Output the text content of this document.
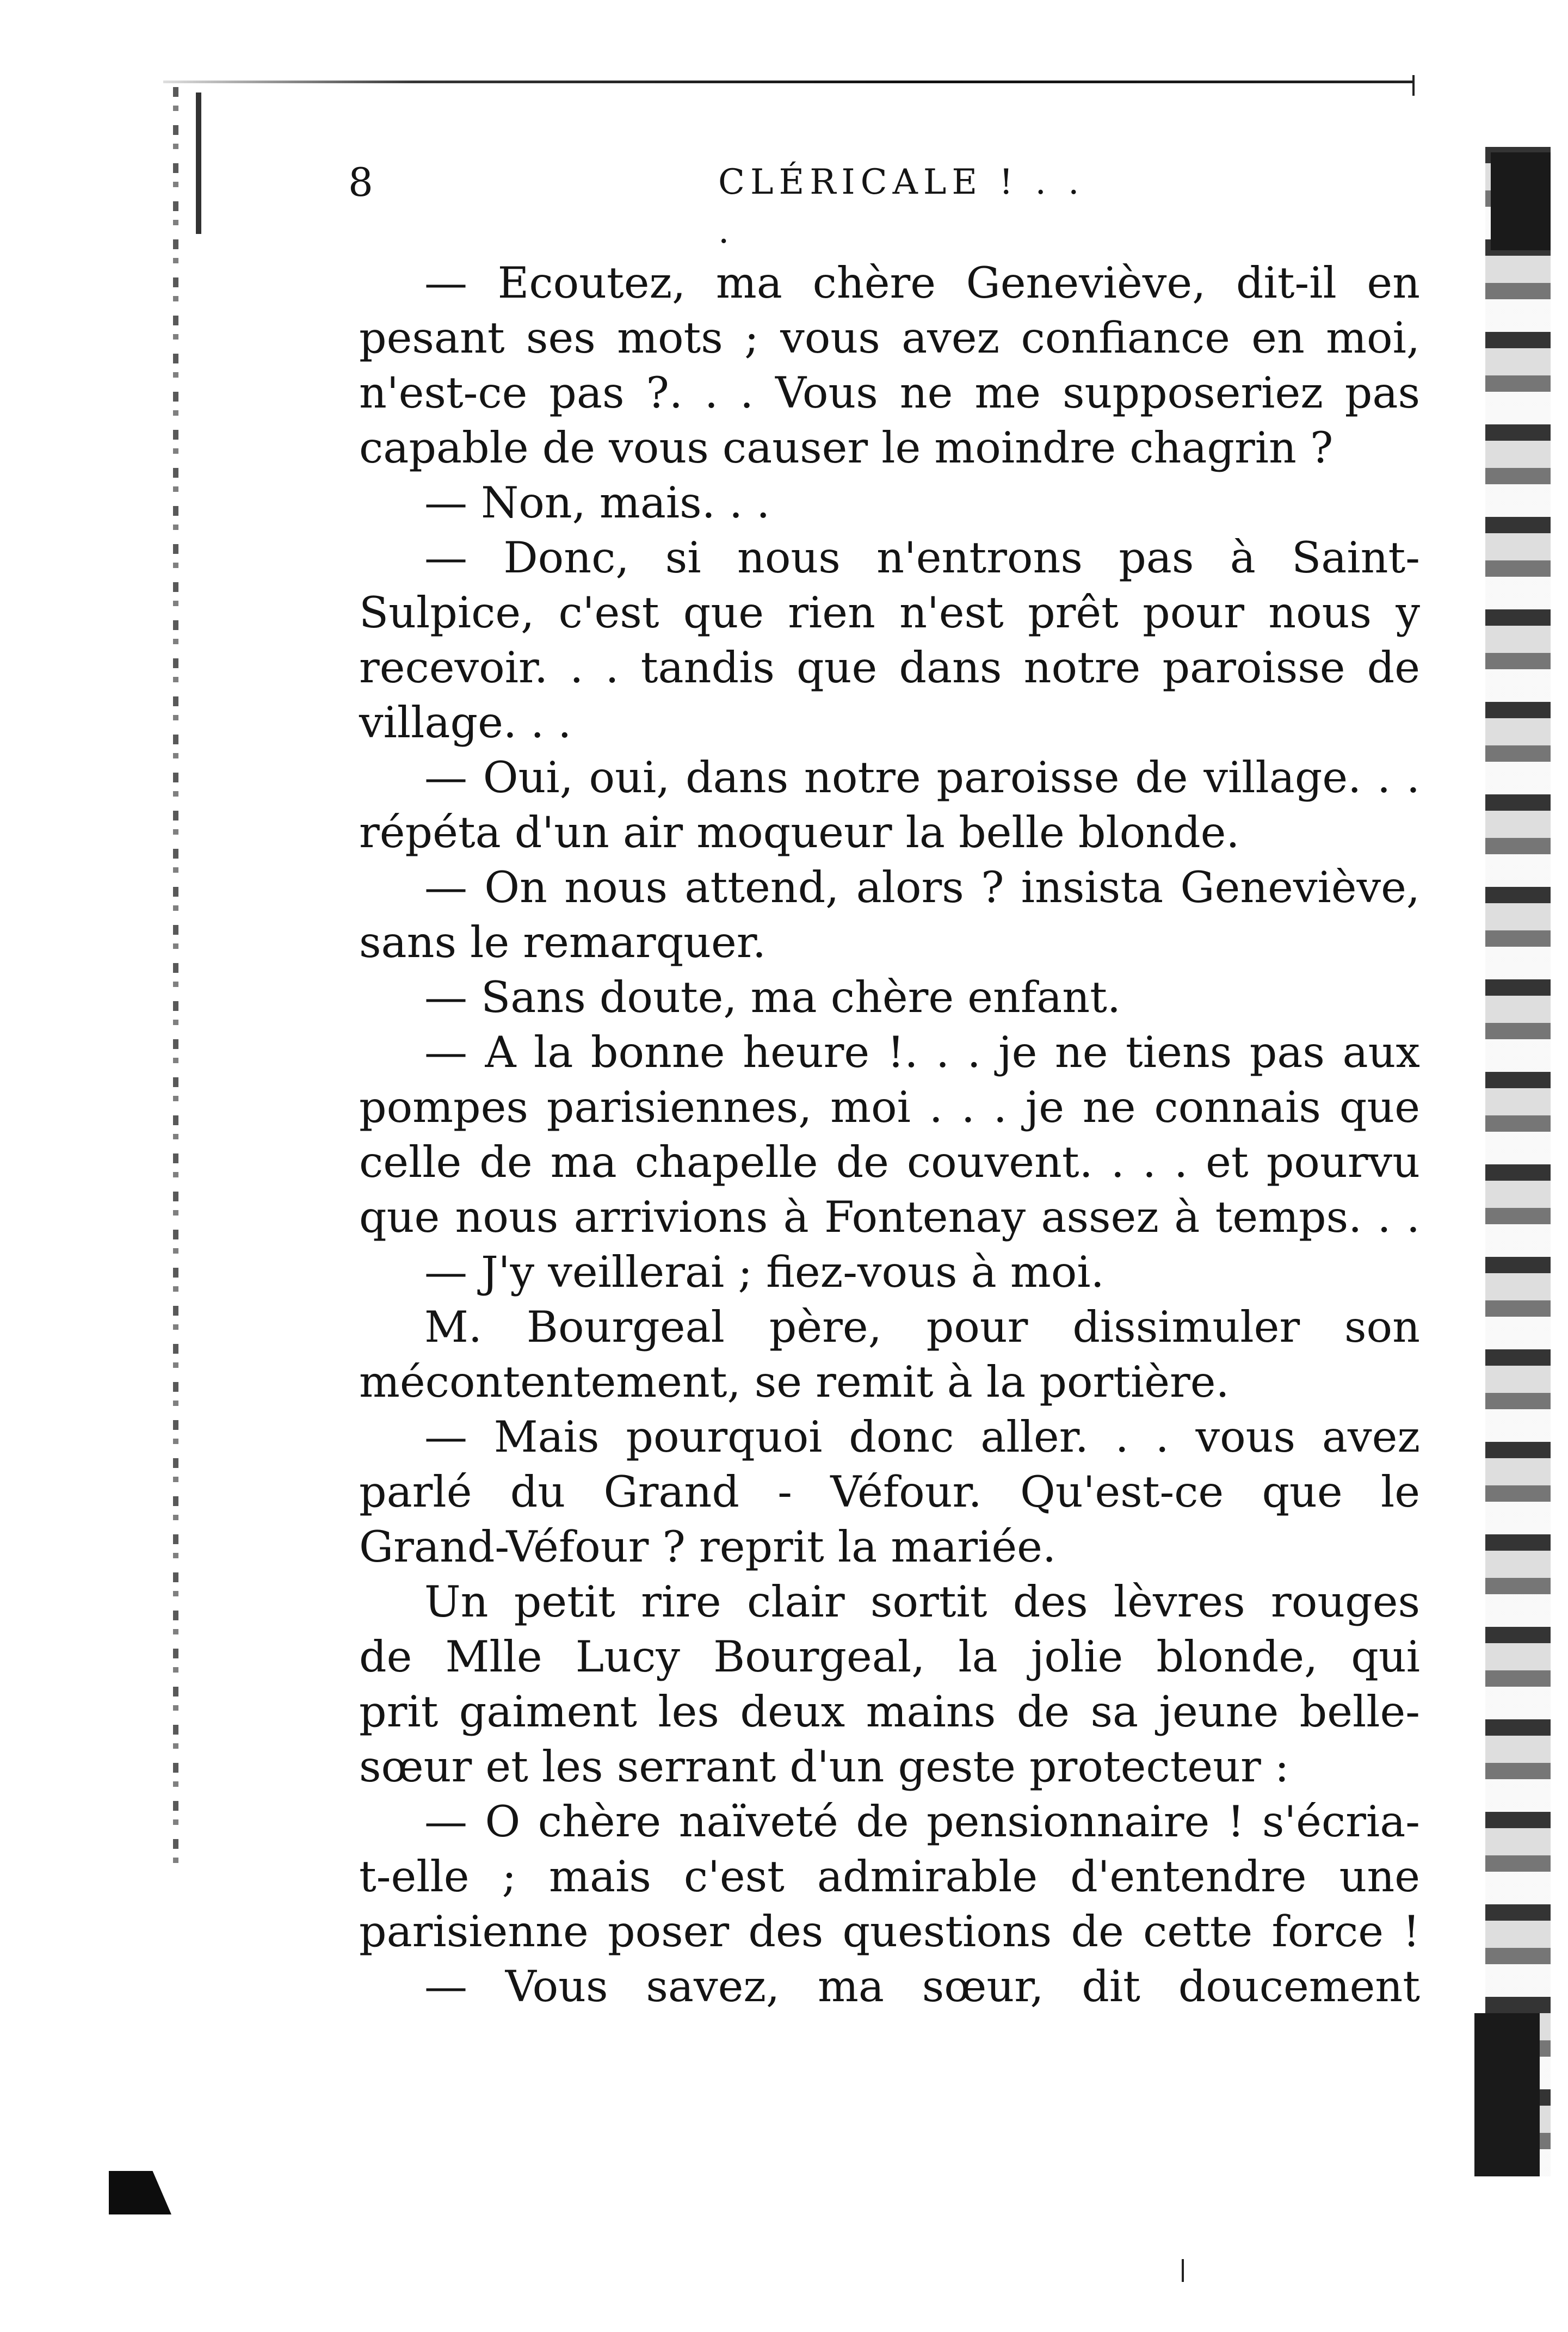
8	CLÉRICALE ! . . .
— Ecoutez, ma chère Geneviève, dit-il en
pesant ses mots ; vous avez confiance en moi,
n'est-ce pas ?. . . Vous ne me supposeriez pas
capable de vous causer le moindre chagrin ?
— Non, mais. . .
— Donc, si nous n'entrons pas à Saint-
Sulpice, c'est que rien n'est prêt pour nous y
recevoir. . . tandis que dans notre paroisse de
village. . .
— Oui, oui, dans notre paroisse de village. . .
répéta d'un air moqueur la belle blonde.
— On nous attend, alors ? insista Geneviève,
sans le remarquer.
— Sans doute, ma chère enfant.
— A la bonne heure !. . . je ne tiens pas aux
pompes parisiennes, moi . . . je ne connais que
celle de ma chapelle de couvent. . . . et pourvu
que nous arrivions à Fontenay assez à temps. . .
— J'y veillerai ; fiez-vous à moi.
M. Bourgeal père, pour dissimuler son
mécontentement, se remit à la portière.
— Mais pourquoi donc aller. . . vous avez
parlé du Grand - Véfour. Qu'est-ce que le
Grand-Véfour ? reprit la mariée.
Un petit rire clair sortit des lèvres rouges
de Mlle Lucy Bourgeal, la jolie blonde, qui
prit gaiment les deux mains de sa jeune belle-
sœur et les serrant d'un geste protecteur :
— O chère naïveté de pensionnaire ! s'écria-
t-elle ; mais c'est admirable d'entendre une
parisienne poser des questions de cette force !
— Vous savez, ma sœur, dit doucement
